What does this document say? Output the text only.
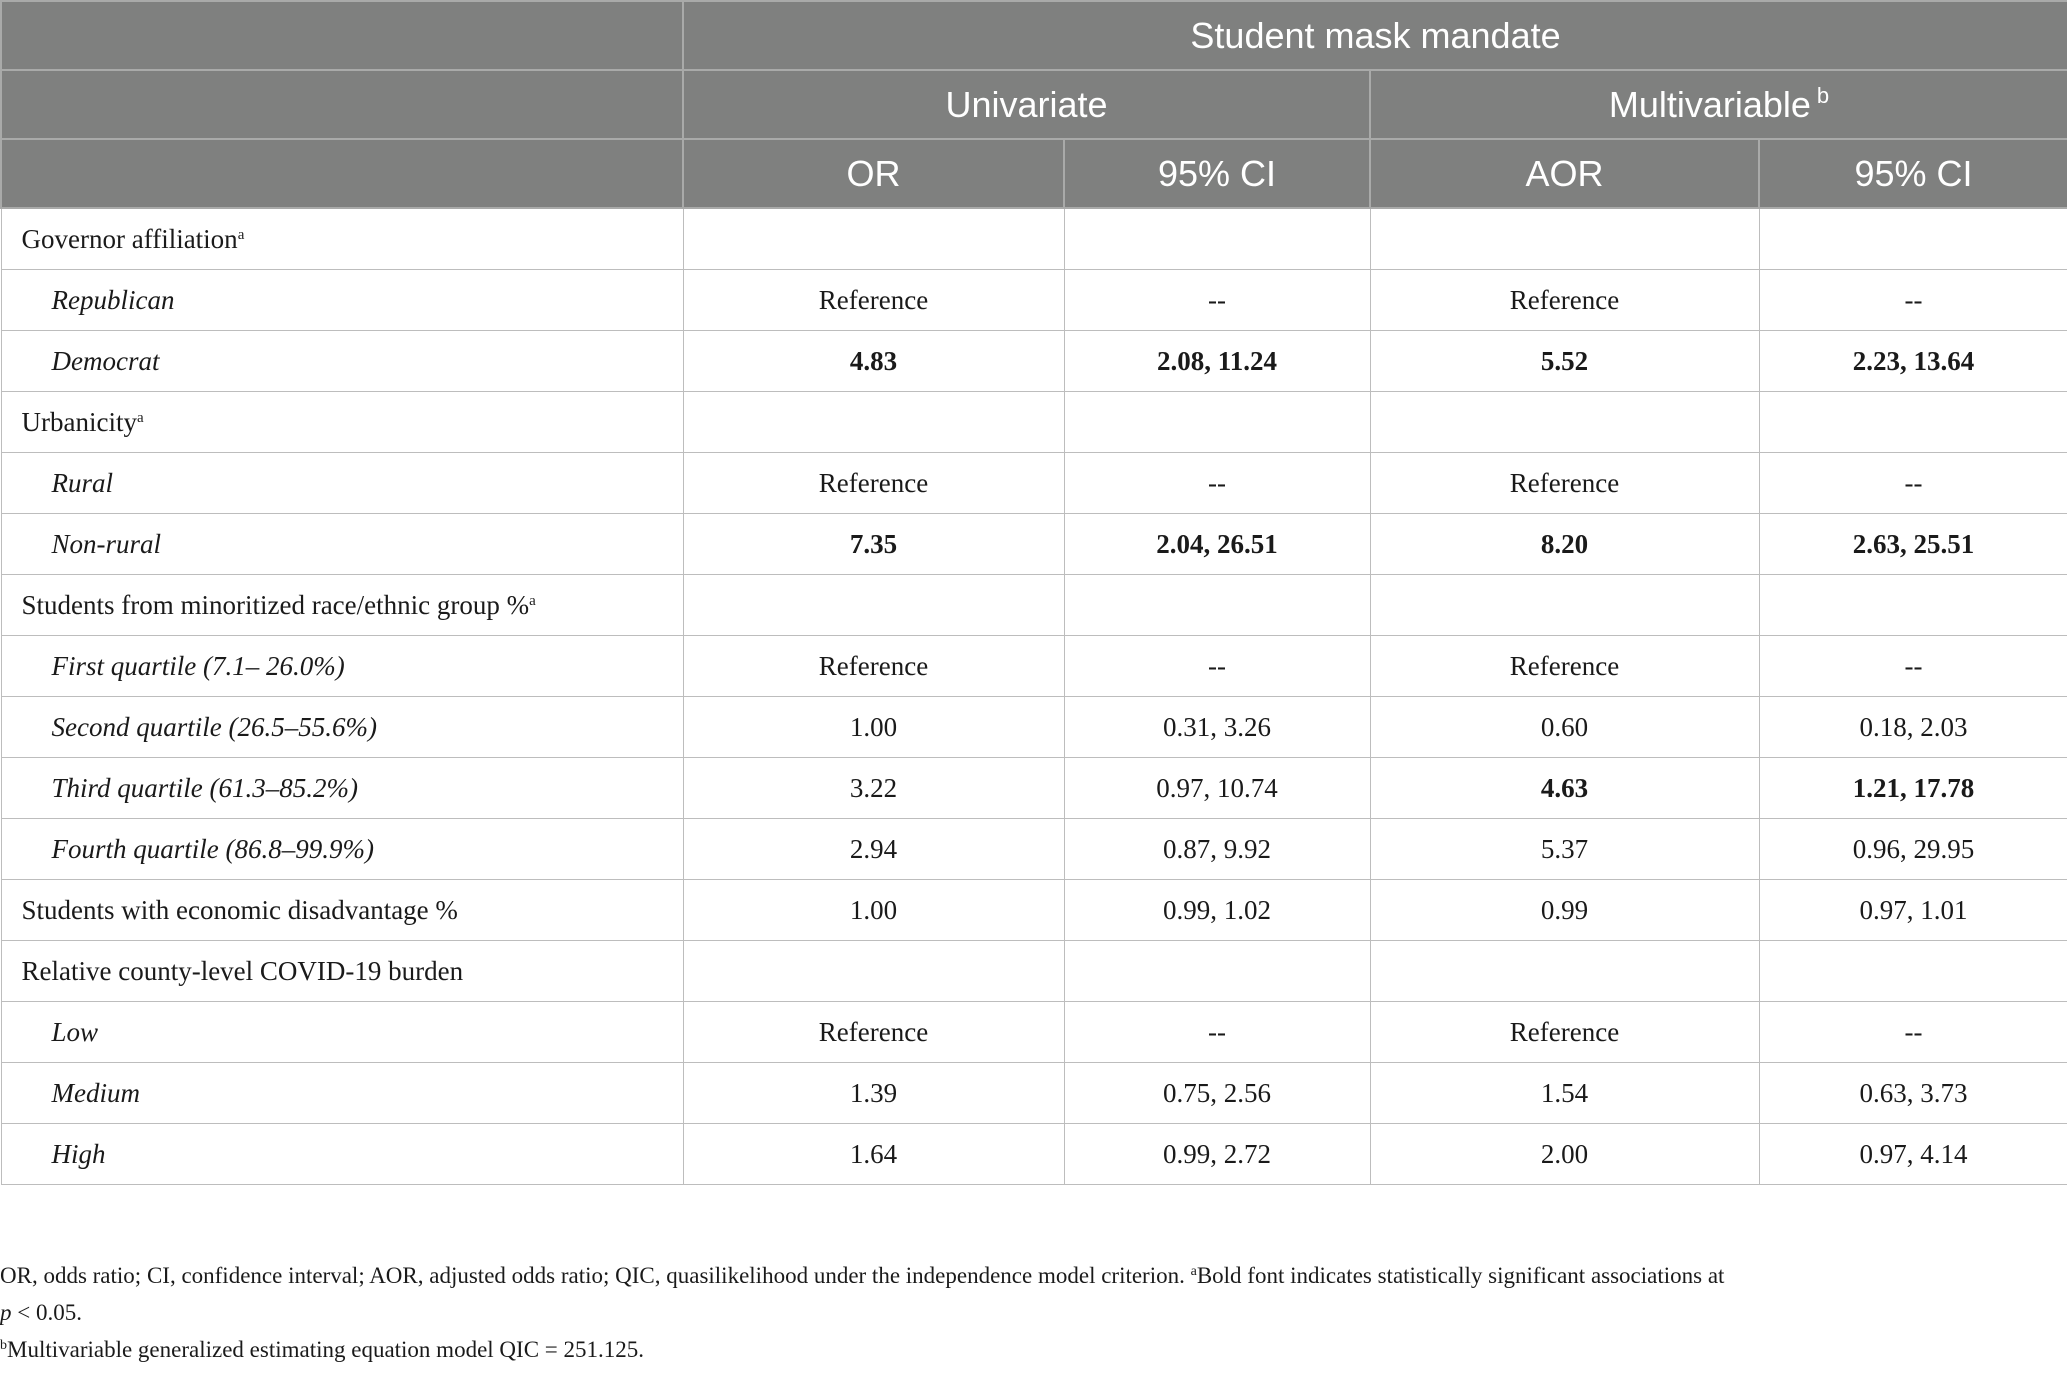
	Student mask mandate			
	Univariate		Multivariable $^b$
	OR	95% CI	AOR	95% CI
Governor affiliation$^a$				
Republican	Reference	--	Reference	--
Democrat	4.83	2.08, 11.24	5.52	2.23, 13.64
Urbanicity$^a$				
Rural	Reference	--	Reference	--
Non-rural	7.35	2.04, 26.51	8.20	2.63, 25.51
Students from minoritized race/ethnic group %$^a$				
First quartile (7.1– 26.0%)	Reference	--	Reference	--
Second quartile (26.5–55.6%)	1.00	0.31, 3.26	0.60	0.18, 2.03
Third quartile (61.3–85.2%)	3.22	0.97, 10.74	4.63	1.21, 17.78
Fourth quartile (86.8–99.9%)	2.94	0.87, 9.92	5.37	0.96, 29.95
Students with economic disadvantage %	1.00	0.99, 1.02	0.99	0.97, 1.01
Relative county-level COVID-19 burden				
Low	Reference	--	Reference	--
Medium	1.39	0.75, 2.56	1.54	0.63, 3.73
High	1.64	0.99, 2.72	2.00	0.97, 4.14

OR, odds ratio; CI, confidence interval; AOR, adjusted odds ratio; QIC, quasilikelihood under the independence model criterion. $^a$Bold font indicates statistically significant associations at

p < 0.05.

$^b$Multivariable generalized estimating equation model QIC = 251.125.
